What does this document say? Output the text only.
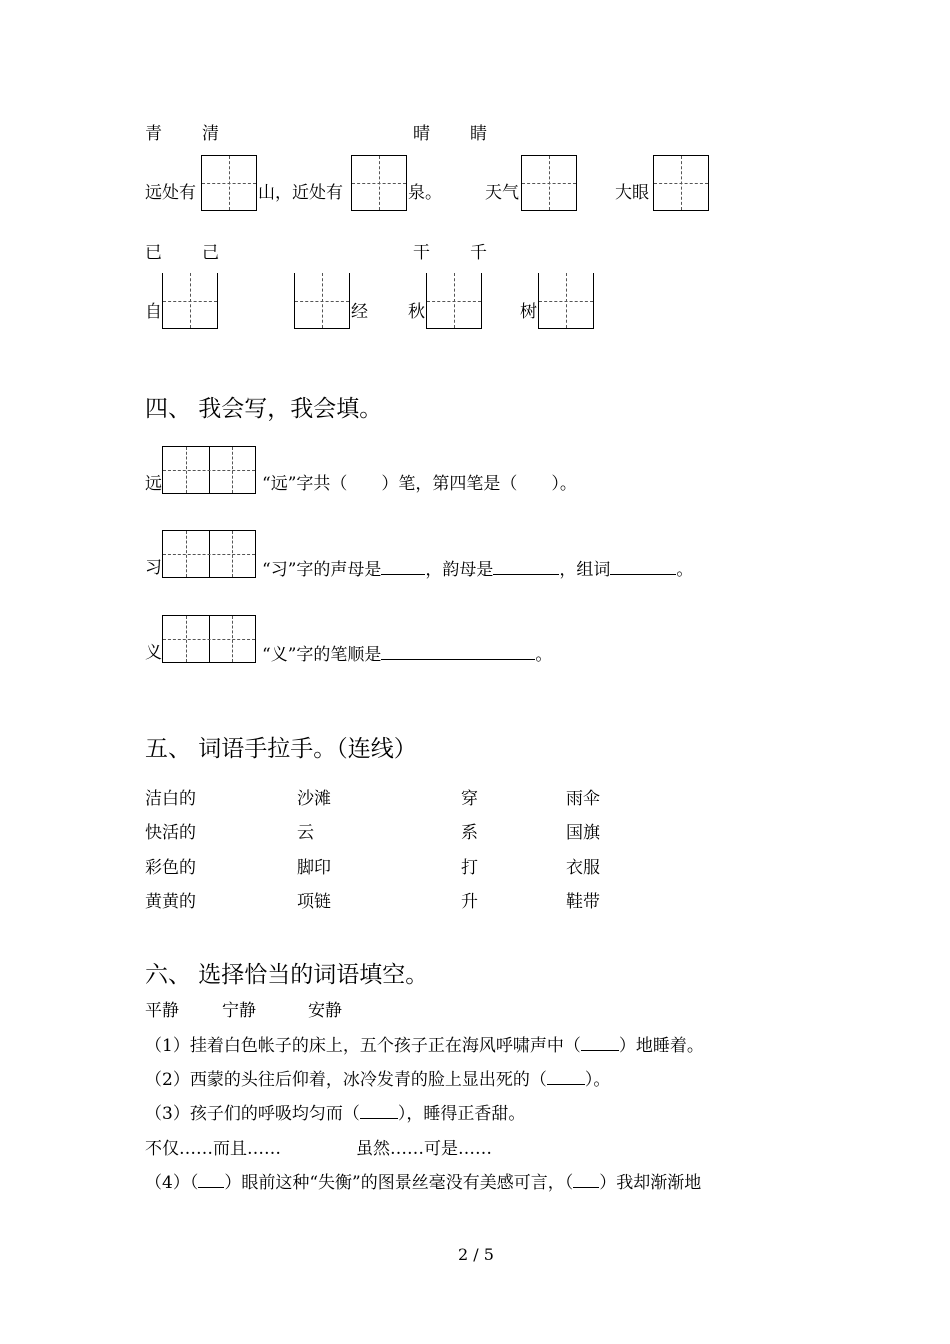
青 清	晴 睛
远处有	山，近处有	泉。	天气	大眼
已 己	干 千
自	经 秋	树
四、 我会写，我会填。
远	“远”字共（　　）笔，第四笔是（　　）。
习	“习”字的声母是	，韵母是	，组词	。
义	“义”字的笔顺是	。
五、 词语手拉手。（连线）
洁白的	沙滩	穿	雨伞
快活的	云	系	国旗
彩色的	脚印	打	衣服
黄黄的	项链	升	鞋带
六、 选择恰当的词语填空。
平静	宁静	安静
（1）挂着白色帐子的床上，五个孩子正在海风呼啸声中（ ）地睡着。
（2）西蒙的头往后仰着，冰冷发青的脸上显出死的（ ）。
（3）孩子们的呼吸均匀而（ ），睡得正香甜。
不仅……而且……	虽然……可是……
（4）（ ）眼前这种“失衡”的图景丝毫没有美感可言，（ ）我却渐渐地
2 / 5
